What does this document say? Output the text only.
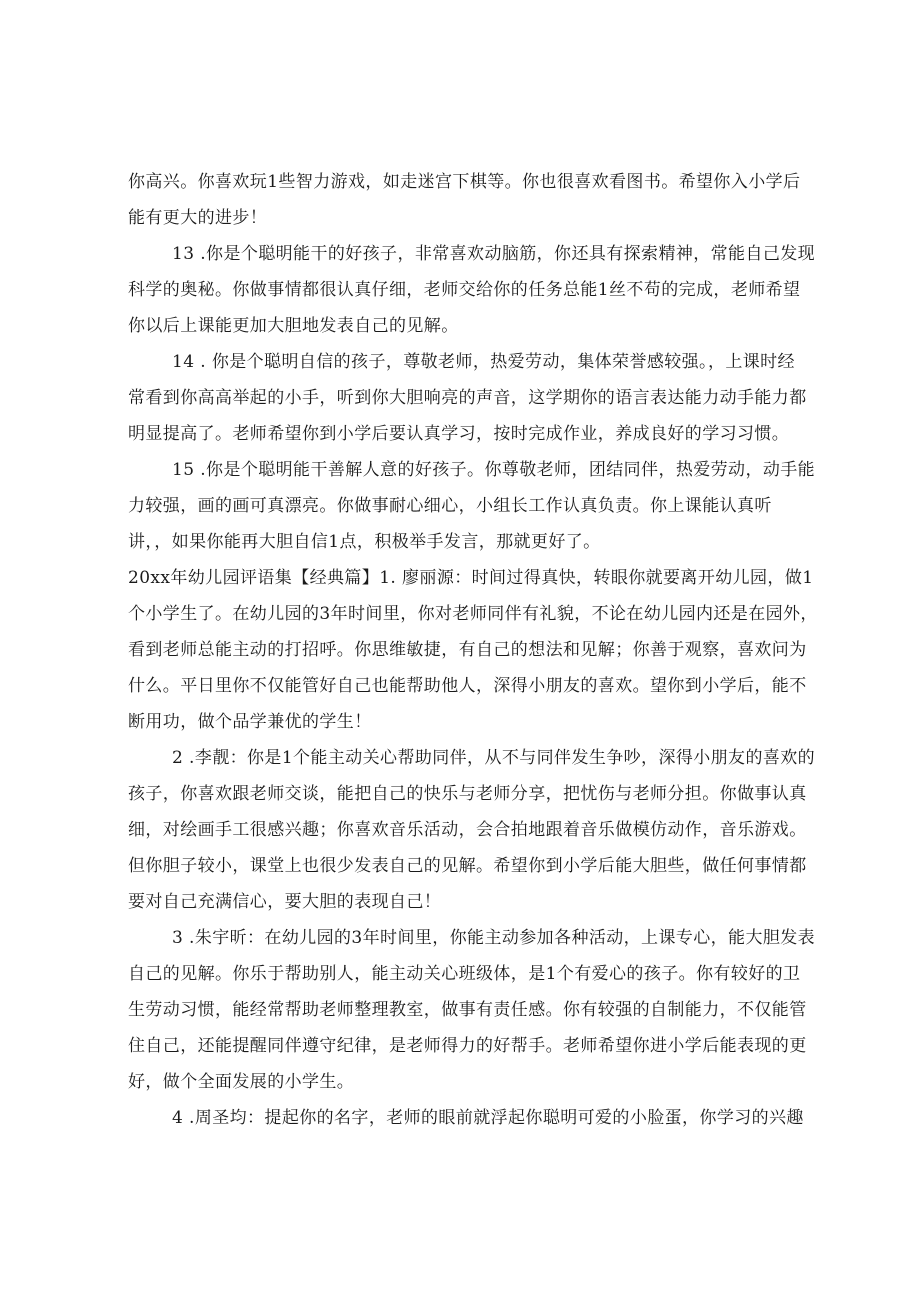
你高兴。你喜欢玩1些智力游戏，如走迷宫下棋等。你也很喜欢看图书。希望你入小学后
能有更大的进步！
13 .你是个聪明能干的好孩子，非常喜欢动脑筋，你还具有探索精神，常能自己发现
科学的奥秘。你做事情都很认真仔细，老师交给你的任务总能1丝不苟的完成，老师希望
你以后上课能更加大胆地发表自己的见解。
14 . 你是个聪明自信的孩子，尊敬老师，热爱劳动，集体荣誉感较强。，上课时经
常看到你高高举起的小手，听到你大胆响亮的声音，这学期你的语言表达能力动手能力都
明显提高了。老师希望你到小学后要认真学习，按时完成作业，养成良好的学习习惯。
15 .你是个聪明能干善解人意的好孩子。你尊敬老师，团结同伴，热爱劳动，动手能
力较强，画的画可真漂亮。你做事耐心细心，小组长工作认真负责。你上课能认真听
讲，，如果你能再大胆自信1点，积极举手发言，那就更好了。
20xx年幼儿园评语集【经典篇】1. 廖丽源：时间过得真快，转眼你就要离开幼儿园，做1
个小学生了。在幼儿园的3年时间里，你对老师同伴有礼貌，不论在幼儿园内还是在园外，
看到老师总能主动的打招呼。你思维敏捷，有自己的想法和见解；你善于观察，喜欢问为
什么。平日里你不仅能管好自己也能帮助他人，深得小朋友的喜欢。望你到小学后，能不
断用功，做个品学兼优的学生！
2 .李靓：你是1个能主动关心帮助同伴，从不与同伴发生争吵，深得小朋友的喜欢的
孩子，你喜欢跟老师交谈，能把自己的快乐与老师分享，把忧伤与老师分担。你做事认真
细，对绘画手工很感兴趣；你喜欢音乐活动，会合拍地跟着音乐做模仿动作，音乐游戏。
但你胆子较小，课堂上也很少发表自己的见解。希望你到小学后能大胆些，做任何事情都
要对自己充满信心，要大胆的表现自己！
3 .朱宇昕：在幼儿园的3年时间里，你能主动参加各种活动，上课专心，能大胆发表
自己的见解。你乐于帮助别人，能主动关心班级体，是1个有爱心的孩子。你有较好的卫
生劳动习惯，能经常帮助老师整理教室，做事有责任感。你有较强的自制能力，不仅能管
住自己，还能提醒同伴遵守纪律，是老师得力的好帮手。老师希望你进小学后能表现的更
好，做个全面发展的小学生。
4 .周圣均：提起你的名字，老师的眼前就浮起你聪明可爱的小脸蛋，你学习的兴趣
